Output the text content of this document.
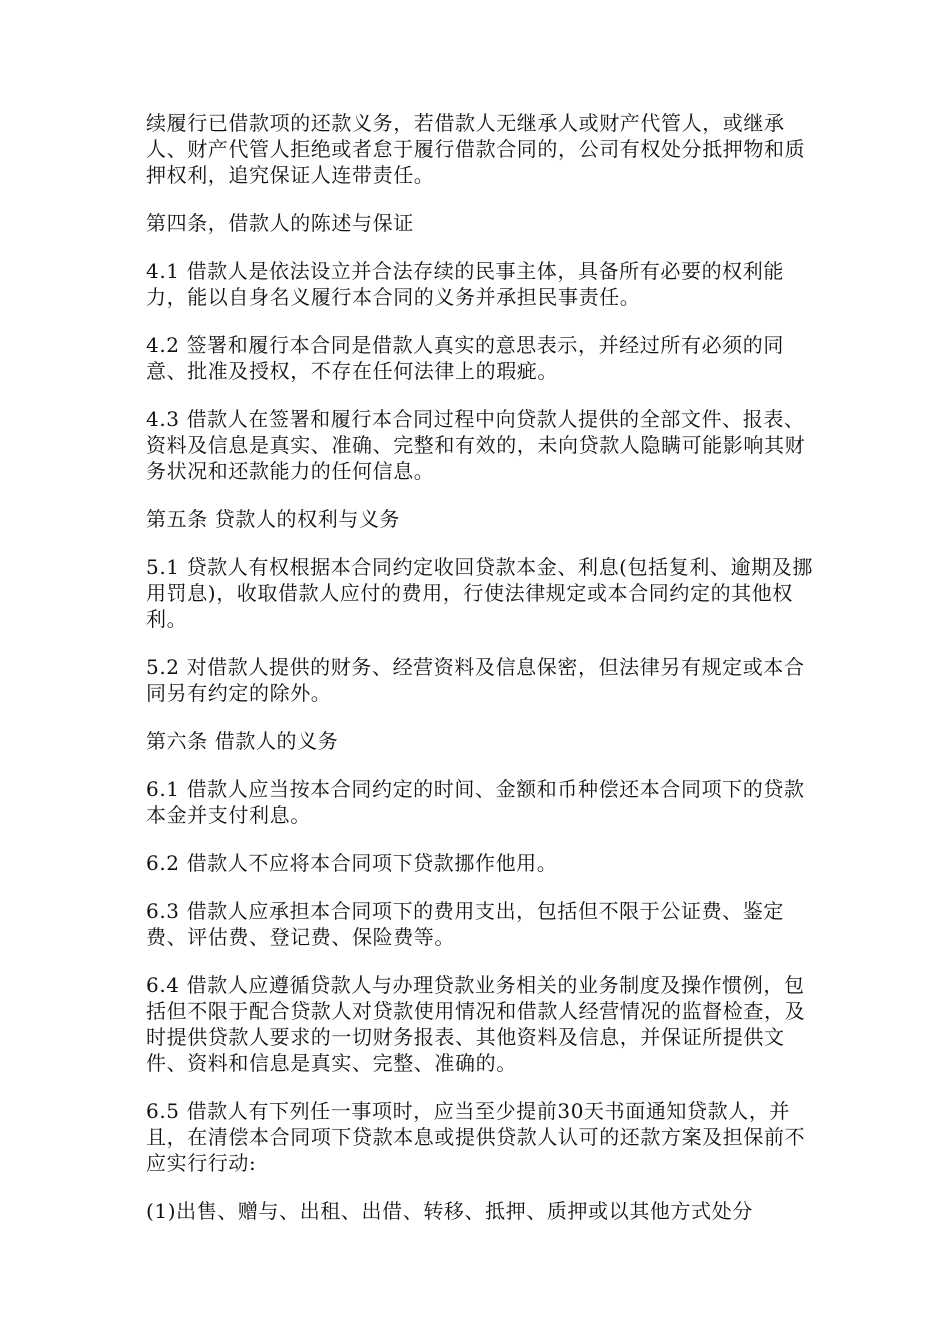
续履行已借款项的还款义务，若借款人无继承人或财产代管人，或继承人、财产代管人拒绝或者怠于履行借款合同的，公司有权处分抵押物和质押权利，追究保证人连带责任。

第四条，借款人的陈述与保证

4.1 借款人是依法设立并合法存续的民事主体，具备所有必要的权利能力，能以自身名义履行本合同的义务并承担民事责任。

4.2 签署和履行本合同是借款人真实的意思表示，并经过所有必须的同意、批准及授权，不存在任何法律上的瑕疵。

4.3 借款人在签署和履行本合同过程中向贷款人提供的全部文件、报表、资料及信息是真实、准确、完整和有效的，未向贷款人隐瞒可能影响其财务状况和还款能力的任何信息。

第五条 贷款人的权利与义务

5.1 贷款人有权根据本合同约定收回贷款本金、利息(包括复利、逾期及挪用罚息)，收取借款人应付的费用，行使法律规定或本合同约定的其他权利。

5.2 对借款人提供的财务、经营资料及信息保密，但法律另有规定或本合同另有约定的除外。

第六条 借款人的义务

6.1 借款人应当按本合同约定的时间、金额和币种偿还本合同项下的贷款本金并支付利息。

6.2 借款人不应将本合同项下贷款挪作他用。

6.3 借款人应承担本合同项下的费用支出，包括但不限于公证费、鉴定费、评估费、登记费、保险费等。

6.4 借款人应遵循贷款人与办理贷款业务相关的业务制度及操作惯例，包括但不限于配合贷款人对贷款使用情况和借款人经营情况的监督检查，及时提供贷款人要求的一切财务报表、其他资料及信息，并保证所提供文件、资料和信息是真实、完整、准确的。

6.5 借款人有下列任一事项时，应当至少提前30天书面通知贷款人，并且，在清偿本合同项下贷款本息或提供贷款人认可的还款方案及担保前不应实行行动:

(1)出售、赠与、出租、出借、转移、抵押、质押或以其他方式处分
